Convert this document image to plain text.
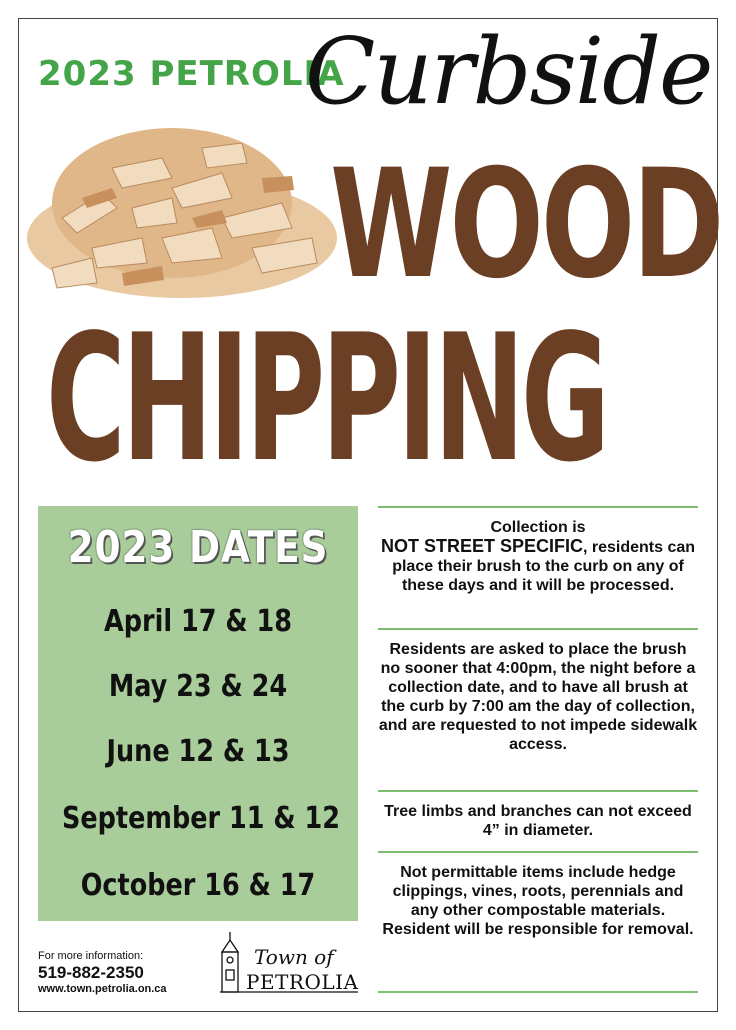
2023 PETROLIA
Curbside
WOOD
CHIPPING
2023 DATES
April 17 & 18
May 23 & 24
June 12 & 13
September 11 & 12
October 16 & 17
Collection is
NOT STREET SPECIFIC, residents can place their brush to the curb on any of these days and it will be processed.
Residents are asked to place the brush no sooner that 4:00pm, the night before a collection date, and to have all brush at the curb by 7:00 am the day of collection, and are requested to not impede sidewalk access.
Tree limbs and branches can not exceed 4” in diameter.
Not permittable items include hedge clippings, vines, roots, perennials and any other compostable materials. Resident will be responsible for removal.
For more information:
519-882-2350
www.town.petrolia.on.ca
Town of
PETROLIA
